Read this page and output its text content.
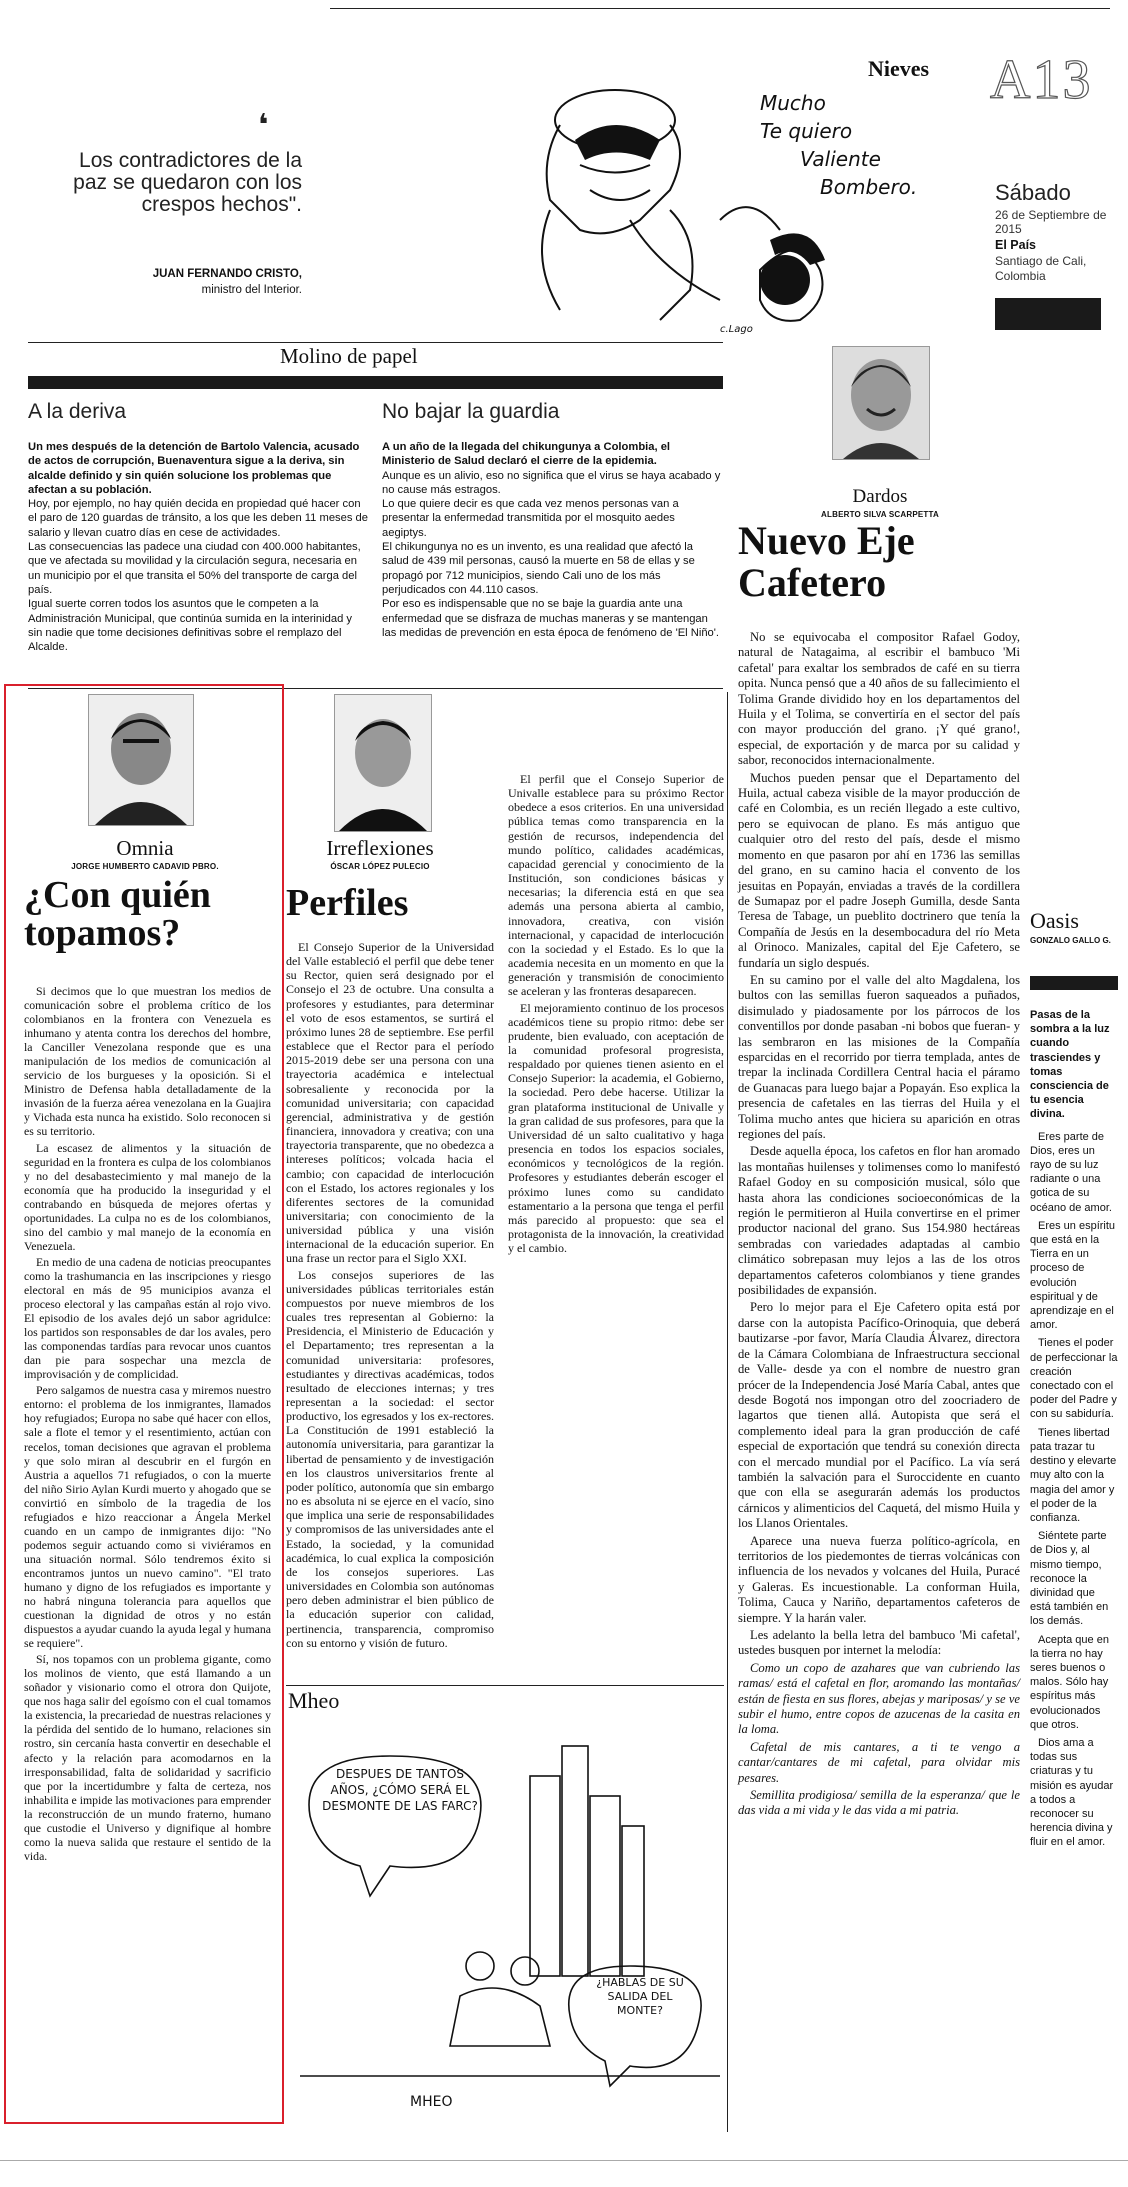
Nieves A13
Sábado
26 de Septiembre de 2015
El País
Santiago de Cali, Colombia
❛
Los contradictores de la paz se quedaron con los crespos hechos".
JUAN FERNANDO CRISTO,
ministro del Interior.
Mucho
Te quiero
Valiente
Bombero.
c.Lago
Molino de papel
A la deriva

Un mes después de la detención de Bartolo Valencia, acusado de actos de corrupción, Buenaventura sigue a la deriva, sin alcalde definido y sin quién solucione los problemas que afectan a su población.

Hoy, por ejemplo, no hay quién decida en propiedad qué hacer con el paro de 120 guardas de tránsito, a los que les deben 11 meses de salario y llevan cuatro días en cese de actividades.

Las consecuencias las padece una ciudad con 400.000 habitantes, que ve afectada su movilidad y la circulación segura, necesaria en un municipio por el que transita el 50% del transporte de carga del país.

Igual suerte corren todos los asuntos que le competen a la Administración Municipal, que continúa sumida en la interinidad y sin nadie que tome decisiones definitivas sobre el remplazo del Alcalde.

No bajar la guardia

A un año de la llegada del chikungunya a Colombia, el Ministerio de Salud declaró el cierre de la epidemia.

Aunque es un alivio, eso no significa que el virus se haya acabado y no cause más estragos.

Lo que quiere decir es que cada vez menos personas van a presentar la enfermedad transmitida por el mosquito aedes aegiptys.

El chikungunya no es un invento, es una realidad que afectó la salud de 439 mil personas, causó la muerte en 58 de ellas y se propagó por 712 municipios, siendo Cali uno de los más perjudicados con 44.110 casos.

Por eso es indispensable que no se baje la guardia ante una enfermedad que se disfraza de muchas maneras y se mantengan las medidas de prevención en esta época de fenómeno de 'El Niño'.

Dardos
ALBERTO SILVA SCARPETTA
Nuevo Eje Cafetero

No se equivocaba el compositor Rafael Godoy, natural de Natagaima, al escribir el bambuco 'Mi cafetal' para exaltar los sembrados de café en su tierra opita. Nunca pensó que a 40 años de su fallecimiento el Tolima Grande dividido hoy en los departamentos del Huila y el Tolima, se convertiría en el sector del país con mayor producción del grano. ¡Y qué grano!, especial, de exportación y de marca por su calidad y sabor, reconocidos internacionalmente.

Muchos pueden pensar que el Departamento del Huila, actual cabeza visible de la mayor producción de café en Colombia, es un recién llegado a este cultivo, pero se equivocan de plano. Es más antiguo que cualquier otro del resto del país, desde el mismo momento en que pasaron por ahí en 1736 las semillas del grano, en su camino hacia el convento de los jesuitas en Popayán, enviadas a través de la cordillera de Sumapaz por el padre Joseph Gumilla, desde Santa Teresa de Tabage, un pueblito doctrinero que tenía la Compañía de Jesús en la desembocadura del río Meta al Orinoco. Manizales, capital del Eje Cafetero, se fundaría un siglo después.

En su camino por el valle del alto Magdalena, los bultos con las semillas fueron saqueados a puñados, disimulado y piadosamente por los párrocos de los conventillos por donde pasaban -ni bobos que fueran- y las sembraron en las misiones de la Compañía esparcidas en el recorrido por tierra templada, antes de trepar la inclinada Cordillera Central hacia el páramo de Guanacas para luego bajar a Popayán. Eso explica la presencia de cafetales en las tierras del Huila y el Tolima mucho antes que hiciera su aparición en otras regiones del país.

Desde aquella época, los cafetos en flor han aromado las montañas huilenses y tolimenses como lo manifestó Rafael Godoy en su composición musical, sólo que hasta ahora las condiciones socioeconómicas de la región le permitieron al Huila convertirse en el primer productor nacional del grano. Sus 154.980 hectáreas sembradas con variedades adaptadas al cambio climático sobrepasan muy lejos a las de los otros departamentos cafeteros colombianos y tiene grandes posibilidades de expansión.

Pero lo mejor para el Eje Cafetero opita está por darse con la autopista Pacífico-Orinoquia, que deberá bautizarse -por favor, María Claudia Álvarez, directora de la Cámara Colombiana de Infraestructura seccional de Valle- desde ya con el nombre de nuestro gran prócer de la Independencia José María Cabal, antes que desde Bogotá nos impongan otro del zoocriadero de lagartos que tienen allá. Autopista que será el complemento ideal para la gran producción de café especial de exportación que tendrá su conexión directa con el mercado mundial por el Pacífico. La vía será también la salvación para el Suroccidente en cuanto que con ella se asegurarán además los productos cárnicos y alimenticios del Caquetá, del mismo Huila y los Llanos Orientales.

Aparece una nueva fuerza político-agrícola, en territorios de los piedemontes de tierras volcánicas con influencia de los nevados y volcanes del Huila, Puracé y Galeras. Es incuestionable. La conforman Huila, Tolima, Cauca y Nariño, departamentos cafeteros de siempre. Y la harán valer.

Les adelanto la bella letra del bambuco 'Mi cafetal', ustedes busquen por internet la melodía:

Como un copo de azahares que van cubriendo las ramas/ está el cafetal en flor, aromando las montañas/ están de fiesta en sus flores, abejas y mariposas/ y se ve subir el humo, entre copos de azucenas de la casita en la loma.

Cafetal de mis cantares, a ti te vengo a cantar/cantares de mi cafetal, para olvidar mis pesares.

Semillita prodigiosa/ semilla de la esperanza/ que le das vida a mi vida y le das vida a mi patria.

Omnia
JORGE HUMBERTO CADAVID PBRO.
¿Con quién topamos?

Si decimos que lo que muestran los medios de comunicación sobre el problema crítico de los colombianos en la frontera con Venezuela es inhumano y atenta contra los derechos del hombre, la Canciller Venezolana responde que es una manipulación de los medios de comunicación al servicio de los burgueses y la oposición. Si el Ministro de Defensa habla detalladamente de la invasión de la fuerza aérea venezolana en la Guajira y Vichada esta nunca ha existido. Solo reconocen si es su territorio.

La escasez de alimentos y la situación de seguridad en la frontera es culpa de los colombianos y no del desabastecimiento y mal manejo de la economía que ha producido la inseguridad y el contrabando en búsqueda de mejores ofertas y oportunidades. La culpa no es de los colombianos, sino del cambio y mal manejo de la economía en Venezuela.

En medio de una cadena de noticias preocupantes como la trashumancia en las inscripciones y riesgo electoral en más de 95 municipios avanza el proceso electoral y las campañas están al rojo vivo. El episodio de los avales dejó un sabor agridulce: los partidos son responsables de dar los avales, pero las componendas tardías para revocar unos cuantos dan pie para sospechar una mezcla de improvisación y de complicidad.

Pero salgamos de nuestra casa y miremos nuestro entorno: el problema de los inmigrantes, llamados hoy refugiados; Europa no sabe qué hacer con ellos, sale a flote el temor y el resentimiento, actúan con recelos, toman decisiones que agravan el problema y que solo miran al descubrir en el furgón en Austria a aquellos 71 refugiados, o con la muerte del niño Sirio Aylan Kurdi muerto y ahogado que se convirtió en símbolo de la tragedia de los refugiados e hizo reaccionar a Ángela Merkel cuando en un campo de inmigrantes dijo: "No podemos seguir actuando como si viviéramos en una situación normal. Sólo tendremos éxito si encontramos juntos un nuevo camino". "El trato humano y digno de los refugiados es importante y no habrá ninguna tolerancia para aquellos que cuestionan la dignidad de otros y no están dispuestos a ayudar cuando la ayuda legal y humana se requiere".

Sí, nos topamos con un problema gigante, como los molinos de viento, que está llamando a un soñador y visionario como el otrora don Quijote, que nos haga salir del egoísmo con el cual tomamos la existencia, la precariedad de nuestras relaciones y la pérdida del sentido de lo humano, relaciones sin rostro, sin cercanía hasta convertir en desechable el afecto y la relación para acomodarnos en la irresponsabilidad, falta de solidaridad y sacrificio que por la incertidumbre y falta de certeza, nos inhabilita e impide las motivaciones para emprender la reconstrucción de un mundo fraterno, humano que custodie el Universo y dignifique al hombre como la nueva salida que restaure el sentido de la vida.

Irreflexiones
ÓSCAR LÓPEZ PULECIO
Perfiles

El Consejo Superior de la Universidad del Valle estableció el perfil que debe tener su Rector, quien será designado por el Consejo el 23 de octubre. Una consulta a profesores y estudiantes, para determinar el voto de esos estamentos, se surtirá el próximo lunes 28 de septiembre. Ese perfil establece que el Rector para el período 2015-2019 debe ser una persona con una trayectoria académica e intelectual sobresaliente y reconocida por la comunidad universitaria; con capacidad gerencial, administrativa y de gestión financiera, innovadora y creativa; con una trayectoria transparente, que no obedezca a intereses políticos; volcada hacia el cambio; con capacidad de interlocución con el Estado, los actores regionales y los diferentes sectores de la comunidad universitaria; con conocimiento de la universidad pública y una visión internacional de la educación superior. En una frase un rector para el Siglo XXI.

Los consejos superiores de las universidades públicas territoriales están compuestos por nueve miembros de los cuales tres representan al Gobierno: la Presidencia, el Ministerio de Educación y el Departamento; tres representan a la comunidad universitaria: profesores, estudiantes y directivas académicas, todos resultado de elecciones internas; y tres representan a la sociedad: el sector productivo, los egresados y los ex-rectores. La Constitución de 1991 estableció la autonomía universitaria, para garantizar la libertad de pensamiento y de investigación en los claustros universitarios frente al poder político, autonomía que sin embargo no es absoluta ni se ejerce en el vacío, sino que implica una serie de responsabilidades y compromisos de las universidades ante el Estado, la sociedad, y la comunidad académica, lo cual explica la composición de los consejos superiores. Las universidades en Colombia son autónomas pero deben administrar el bien público de la educación superior con calidad, pertinencia, transparencia, compromiso con su entorno y visión de futuro.

El perfil que el Consejo Superior de Univalle establece para su próximo Rector obedece a esos criterios. En una universidad pública temas como transparencia en la gestión de recursos, independencia del mundo político, calidades académicas, capacidad gerencial y conocimiento de la Institución, son condiciones básicas y necesarias; la diferencia está en que sea además una persona abierta al cambio, innovadora, creativa, con visión internacional, y capacidad de interlocución con la sociedad y el Estado. Es lo que la academia necesita en un momento en que la generación y transmisión de conocimiento se aceleran y las fronteras desaparecen.

El mejoramiento continuo de los procesos académicos tiene su propio ritmo: debe ser prudente, bien evaluado, con aceptación de la comunidad profesoral progresista, respaldado por quienes tienen asiento en el Consejo Superior: la academia, el Gobierno, la sociedad. Pero debe hacerse. Utilizar la gran plataforma institucional de Univalle y la gran calidad de sus profesores, para que la Universidad dé un salto cualitativo y haga presencia en todos los espacios sociales, económicos y tecnológicos de la región. Profesores y estudiantes deberán escoger el próximo lunes como su candidato estamentario a la persona que tenga el perfil más parecido al propuesto: que sea el protagonista de la innovación, la creatividad y el cambio.

Mheo
DESPUES DE TANTOS AÑOS, ¿CÓMO SERÁ EL DESMONTE DE LAS FARC?
¿HABLAS DE SU SALIDA DEL MONTE?
MHEO
Oasis
GONZALO GALLO G.

Pasas de la sombra a la luz cuando trasciendes y tomas consciencia de tu esencia divina.

Eres parte de Dios, eres un rayo de su luz radiante o una gotica de su océano de amor.

Eres un espíritu que está en la Tierra en un proceso de evolución espiritual y de aprendizaje en el amor.

Tienes el poder de perfeccionar la creación conectado con el poder del Padre y con su sabiduría.

Tienes libertad pata trazar tu destino y elevarte muy alto con la magia del amor y el poder de la confianza.

Siéntete parte de Dios y, al mismo tiempo, reconoce la divinidad que está también en los demás.

Acepta que en la tierra no hay seres buenos o malos. Sólo hay espíritus más evolucionados que otros.

Dios ama a todas sus criaturas y tu misión es ayudar a todos a reconocer su herencia divina y fluir en el amor.
